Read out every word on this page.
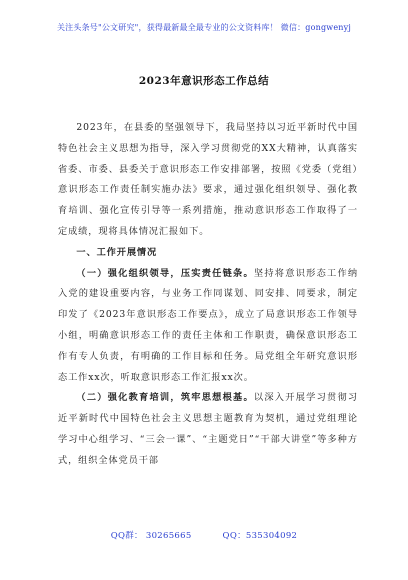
关注头条号"公文研究"，获得最新最全最专业的公文资料库！ 微信：gongwenyj
2023年意识形态工作总结

2023年，在县委的坚强领导下，我局坚持以习近平新时代中国特色社会主义思想为指导，深入学习贯彻党的XX大精神，认真落实省委、市委、县委关于意识形态工作安排部署，按照《党委（党组）意识形态工作责任制实施办法》要求，通过强化组织领导、强化教育培训、强化宣传引导等一系列措施，推动意识形态工作取得了一定成绩，现将具体情况汇报如下。

一、工作开展情况

（一）强化组织领导，压实责任链条。坚持将意识形态工作纳入党的建设重要内容，与业务工作同谋划、同安排、同要求，制定印发了《2023年意识形态工作要点》，成立了局意识形态工作领导小组，明确意识形态工作的责任主体和工作职责，确保意识形态工作有专人负责，有明确的工作目标和任务。局党组全年研究意识形态工作xx次，听取意识形态工作汇报xx次。

（二）强化教育培训，筑牢思想根基。以深入开展学习贯彻习近平新时代中国特色社会主义思想主题教育为契机，通过党组理论学习中心组学习、“三会一课”、“主题党日”“干部大讲堂”等多种方式，组织全体党员干部

QQ群： 30265665	QQ：535304092
